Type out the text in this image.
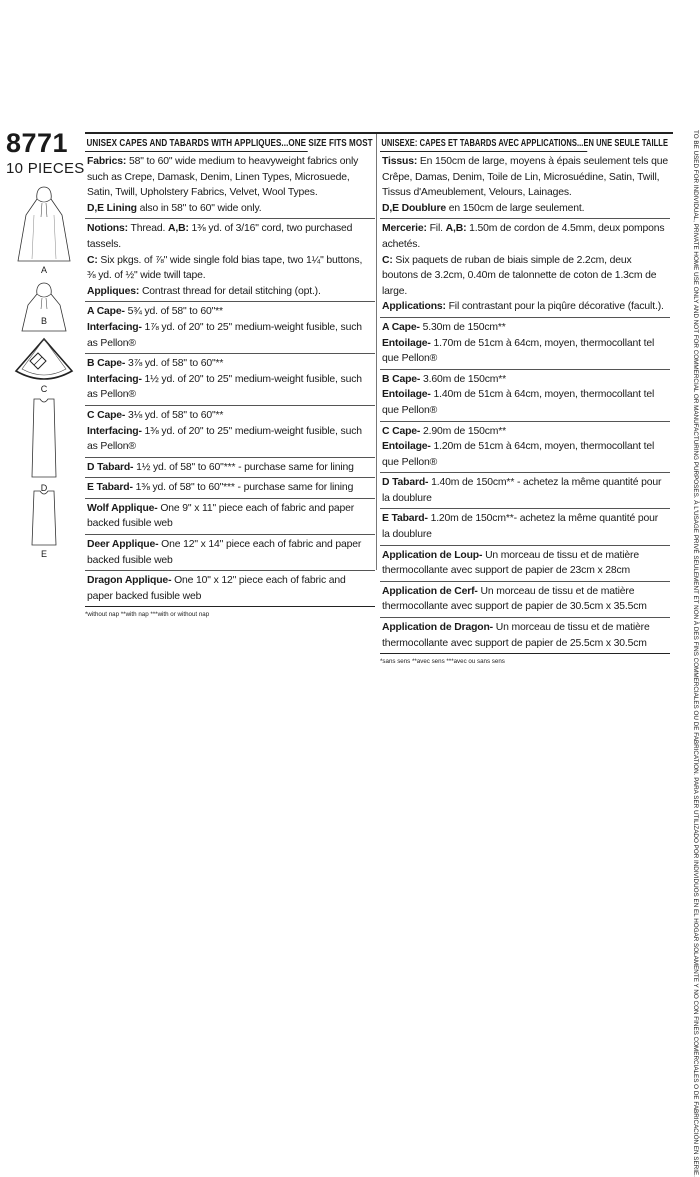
8771
10 PIECES
A
B
C
D
E
UNISEX CAPES AND TABARDS WITH APPLIQUES...ONE SIZE FITS MOST
Fabrics: 58" to 60" wide medium to heavyweight fabrics only such as Crepe, Damask, Denim, Linen Types, Microsuede, Satin, Twill, Upholstery Fabrics, Velvet, Wool Types.
D,E Lining also in 58" to 60" wide only.
Notions: Thread. A,B: 1⅜ yd. of 3/16" cord, two purchased tassels.
C: Six pkgs. of ⅞" wide single fold bias tape, two 1¼" buttons, ⅜ yd. of ½" wide twill tape.
Appliques: Contrast thread for detail stitching (opt.).
A Cape- 5¾ yd. of 58" to 60"**
Interfacing- 1⅞ yd. of 20" to 25" medium-weight fusible, such as Pellon®
B Cape- 3⅞ yd. of 58" to 60"**
Interfacing- 1½ yd. of 20" to 25" medium-weight fusible, such as Pellon®
C Cape- 3⅛ yd. of 58" to 60"**
Interfacing- 1⅜ yd. of 20" to 25" medium-weight fusible, such as Pellon®
D Tabard- 1½ yd. of 58" to 60"*** - purchase same for lining
E Tabard- 1⅜ yd. of 58" to 60"*** - purchase same for lining
Wolf Applique- One 9" x 11" piece each of fabric and paper backed fusible web
Deer Applique- One 12" x 14" piece each of fabric and paper backed fusible web
Dragon Applique- One 10" x 12" piece each of fabric and paper backed fusible web
*without nap **with nap ***with or without nap
UNISEXE: CAPES ET TABARDS AVEC APPLICATIONS...EN UNE SEULE TAILLE
Tissus: En 150cm de large, moyens à épais seulement tels que Crêpe, Damas, Denim, Toile de Lin, Microsuédine, Satin, Twill, Tissus d'Ameublement, Velours, Lainages.
D,E Doublure en 150cm de large seulement.
Mercerie: Fil. A,B: 1.50m de cordon de 4.5mm, deux pompons achetés.
C: Six paquets de ruban de biais simple de 2.2cm, deux boutons de 3.2cm, 0.40m de talonnette de coton de 1.3cm de large.
Applications: Fil contrastant pour la piqûre décorative (facult.).
A Cape- 5.30m de 150cm**
Entoilage- 1.70m de 51cm à 64cm, moyen, thermocollant tel que Pellon®
B Cape- 3.60m de 150cm**
Entoilage- 1.40m de 51cm à 64cm, moyen, thermocollant tel que Pellon®
C Cape- 2.90m de 150cm**
Entoilage- 1.20m de 51cm à 64cm, moyen, thermocollant tel que Pellon®
D Tabard- 1.40m de 150cm** - achetez la même quantité pour la doublure
E Tabard- 1.20m de 150cm**- achetez la même quantité pour la doublure
Application de Loup- Un morceau de tissu et de matière thermocollante avec support de papier de 23cm x 28cm
Application de Cerf- Un morceau de tissu et de matière thermocollante avec support de papier de 30.5cm x 35.5cm
Application de Dragon- Un morceau de tissu et de matière thermocollante avec support de papier de 25.5cm x 30.5cm
*sans sens **avec sens ***avec ou sans sens	TO BE USED FOR INDIVIDUAL, PRIVATE HOME USE ONLY AND NOT FOR COMMERCIAL OR MANUFACTURING PURPOSES. À L'USAGE PRIVÉ SEULEMENT ET NON À DES FINS COMMERCIALES OU DE FABRICATION. PARA SER UTILIZADO POR INDIVIDUOS EN EL HOGAR SOLAMENTE Y NO CON FINES COMERCIALES O DE FABRICACIÓN EN SERIE.
